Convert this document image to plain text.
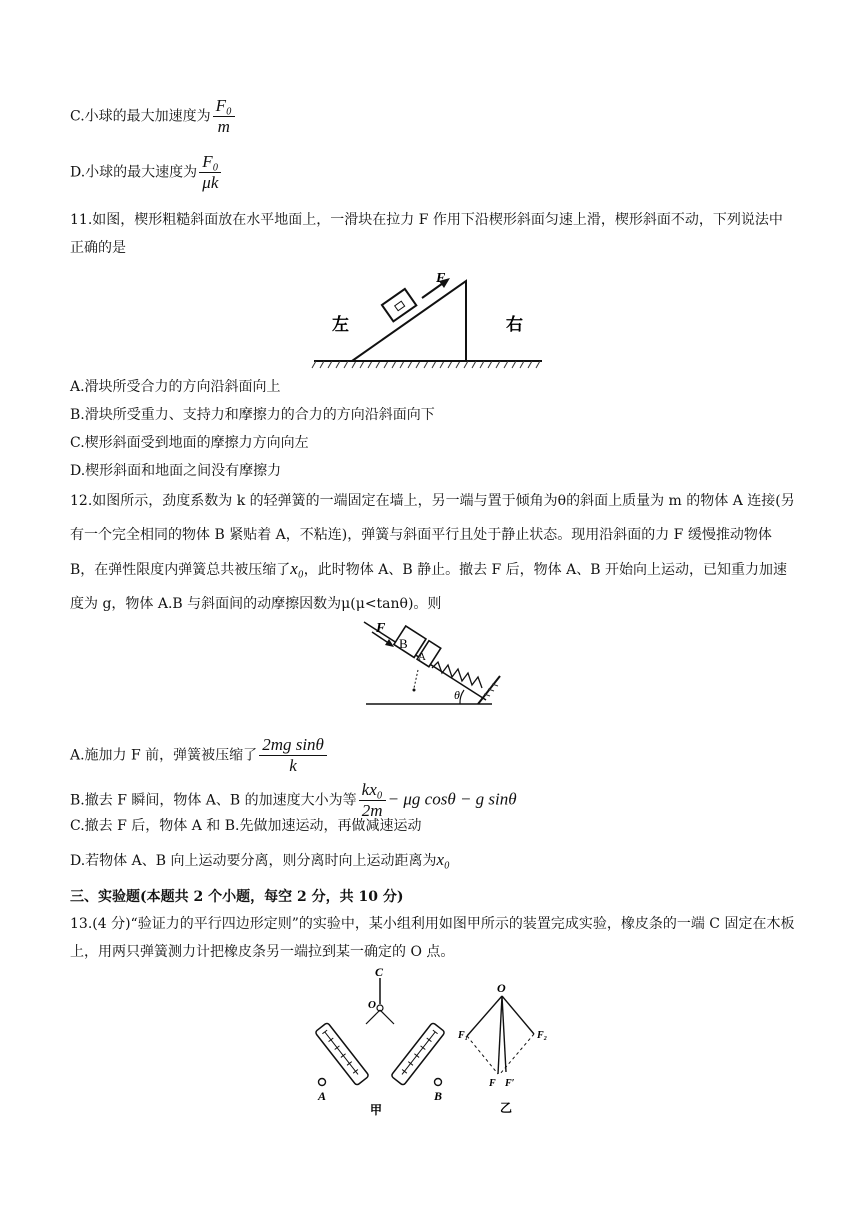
C.小球的最大加速度为 $\frac{\text{F₀}}{m}$
D.小球的最大速度为 $\frac{\text{F₀}}{\mu k}$
11.如图，楔形粗糙斜面放在水平地面上，一滑块在拉力 F 作用下沿楔形斜面匀速上滑，楔形斜面不动，下列说法中正确的是
F
左	右
A.滑块所受合力的方向沿斜面向上
B.滑块所受重力、支持力和摩擦力的合力的方向沿斜面向下
C.楔形斜面受到地面的摩擦力方向向左
D.楔形斜面和地面之间没有摩擦力
12.如图所示，劲度系数为 k 的轻弹簧的一端固定在墙上，另一端与置于倾角为θ的斜面上质量为 m 的物体 A 连接(另有一个完全相同的物体 B 紧贴着 A，不粘连)，弹簧与斜面平行且处于静止状态。现用沿斜面的力 F 缓慢推动物体 B，在弹性限度内弹簧总共被压缩了x₀，此时物体 A、B 静止。撤去 F 后，物体 A、B 开始向上运动，已知重力加速度为 g，物体 A.B 与斜面间的动摩擦因数为μ(μ<tanθ)。则
B
A
F
θ
A.施加力 F 前，弹簧被压缩了 $\frac{\text{2mg sinθ}}{k}$
B.撤去 F 瞬间，物体 A、B 的加速度大小为等 $\frac{\text{kx₀}}{2m} - \mu g$ cosθ − g sinθ
C.撤去 F 后，物体 A 和 B.先做加速运动，再做减速运动
D.若物体 A、B 向上运动要分离，则分离时向上运动距离为x₀
三、实验题(本题共 2 个小题，每空 2 分，共 10 分)
13.(4 分)“验证力的平行四边形定则”的实验中，某小组利用如图甲所示的装置完成实验，橡皮条的一端 C 固定在木板上，用两只弹簧测力计把橡皮条另一端拉到某一确定的 O 点。
C
O
A	B
甲
O
F₁	F₂
F F′
乙
